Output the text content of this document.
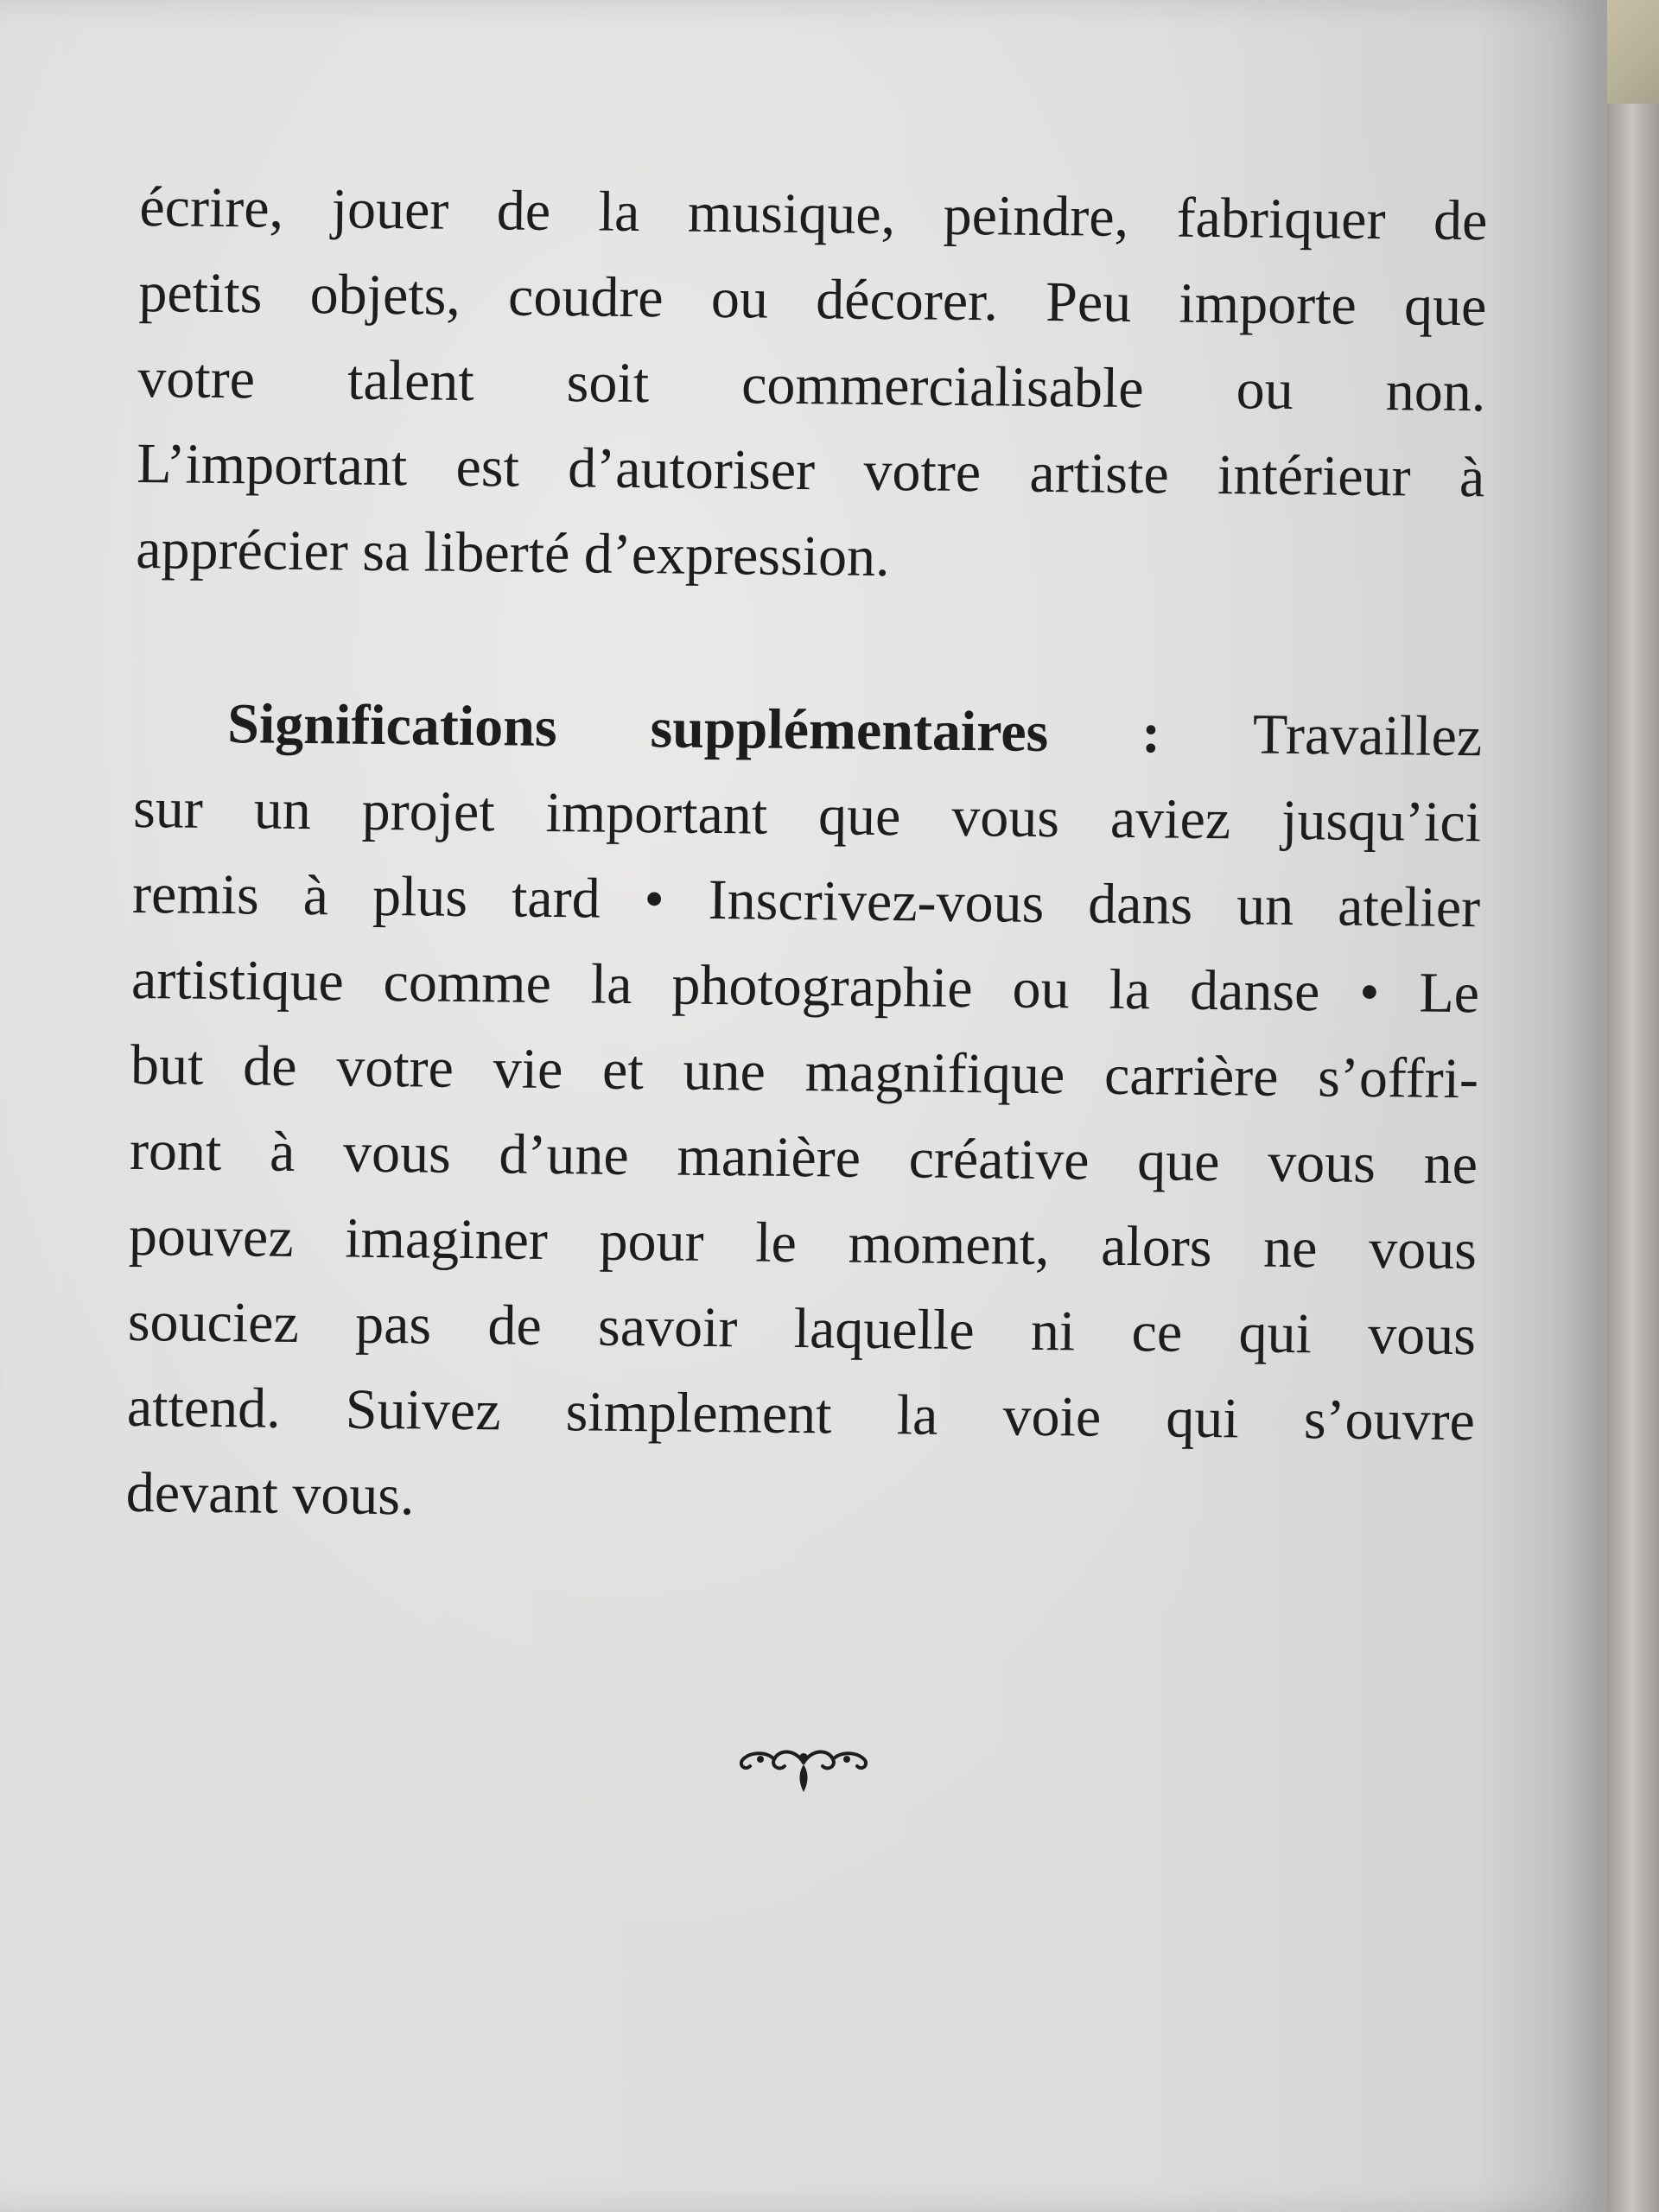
écrire, jouer de la musique, peindre, fabriquer de
petits objets, coudre ou décorer. Peu importe que
votre talent soit commercialisable ou non.
L’important est d’autoriser votre artiste intérieur à
apprécier sa liberté d’expression.
Significations supplémentaires : Travaillez
sur un projet important que vous aviez jusqu’ici
remis à plus tard • Inscrivez-vous dans un atelier
artistique comme la photographie ou la danse • Le
but de votre vie et une magnifique carrière s’offri-
ront à vous d’une manière créative que vous ne
pouvez imaginer pour le moment, alors ne vous
souciez pas de savoir laquelle ni ce qui vous
attend. Suivez simplement la voie qui s’ouvre
devant vous.
